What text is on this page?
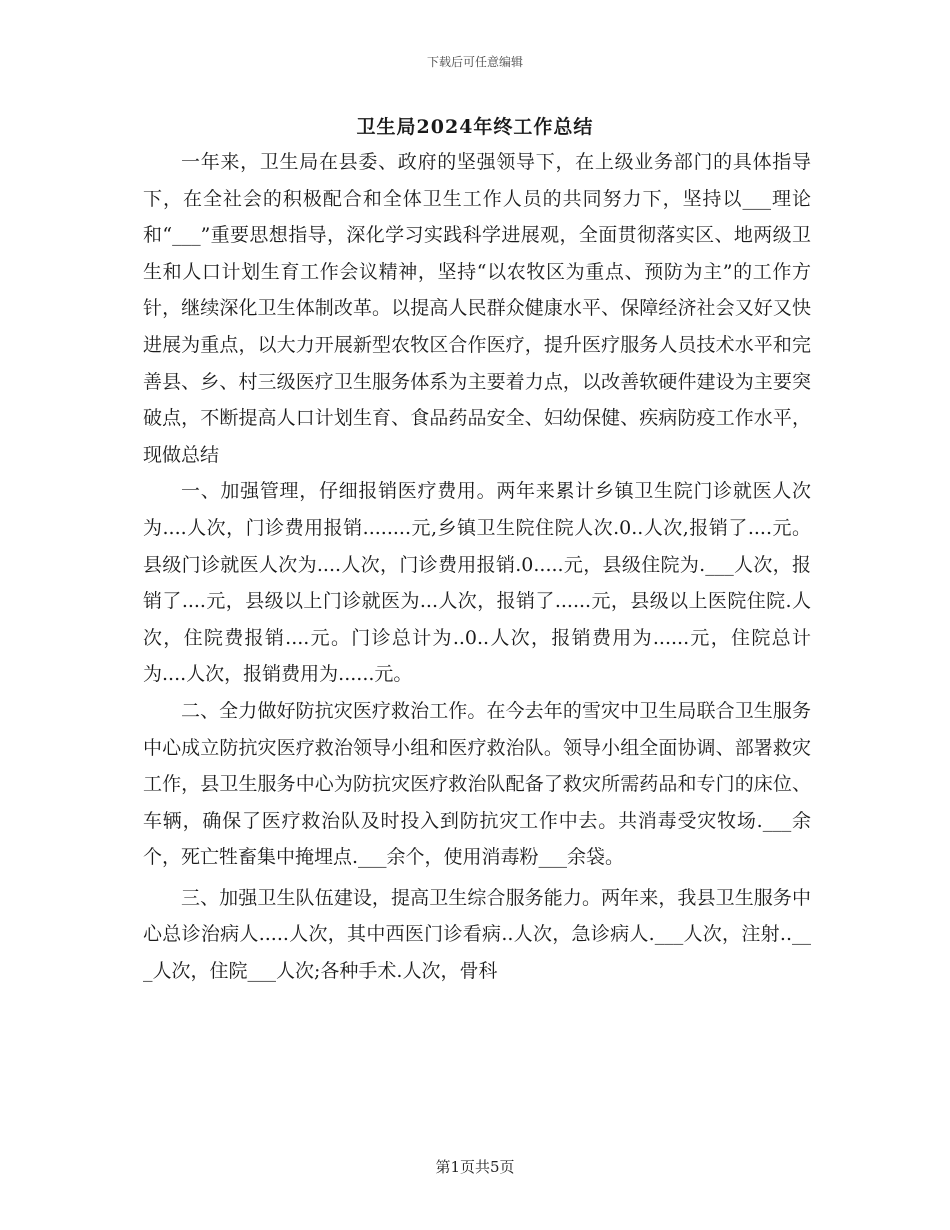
下载后可任意编辑
卫生局2024年终工作总结

一年来，卫生局在县委、政府的坚强领导下，在上级业务部门的具体指导下，在全社会的积极配合和全体卫生工作人员的共同努力下，坚持以___理论和“___”重要思想指导，深化学习实践科学进展观，全面贯彻落实区、地两级卫生和人口计划生育工作会议精神，坚持“以农牧区为重点、预防为主”的工作方针，继续深化卫生体制改革。以提高人民群众健康水平、保障经济社会又好又快进展为重点，以大力开展新型农牧区合作医疗，提升医疗服务人员技术水平和完善县、乡、村三级医疗卫生服务体系为主要着力点，以改善软硬件建设为主要突破点，不断提高人口计划生育、食品药品安全、妇幼保健、疾病防疫工作水平，现做总结

一、加强管理，仔细报销医疗费用。两年来累计乡镇卫生院门诊就医人次为....人次，门诊费用报销........元,乡镇卫生院住院人次.0..人次,报销了....元。县级门诊就医人次为....人次，门诊费用报销.0.....元，县级住院为.___人次，报销了....元，县级以上门诊就医为...人次，报销了......元，县级以上医院住院.人次，住院费报销....元。门诊总计为..0..人次，报销费用为......元，住院总计为....人次，报销费用为......元。

二、全力做好防抗灾医疗救治工作。在今去年的雪灾中卫生局联合卫生服务中心成立防抗灾医疗救治领导小组和医疗救治队。领导小组全面协调、部署救灾工作，县卫生服务中心为防抗灾医疗救治队配备了救灾所需药品和专门的床位、车辆，确保了医疗救治队及时投入到防抗灾工作中去。共消毒受灾牧场.___余个，死亡牲畜集中掩埋点.___余个，使用消毒粉___余袋。

三、加强卫生队伍建设，提高卫生综合服务能力。两年来，我县卫生服务中心总诊治病人.....人次，其中西医门诊看病..人次，急诊病人.___人次，注射..___人次，住院___人次;各种手术.人次，骨科

第1页共5页
